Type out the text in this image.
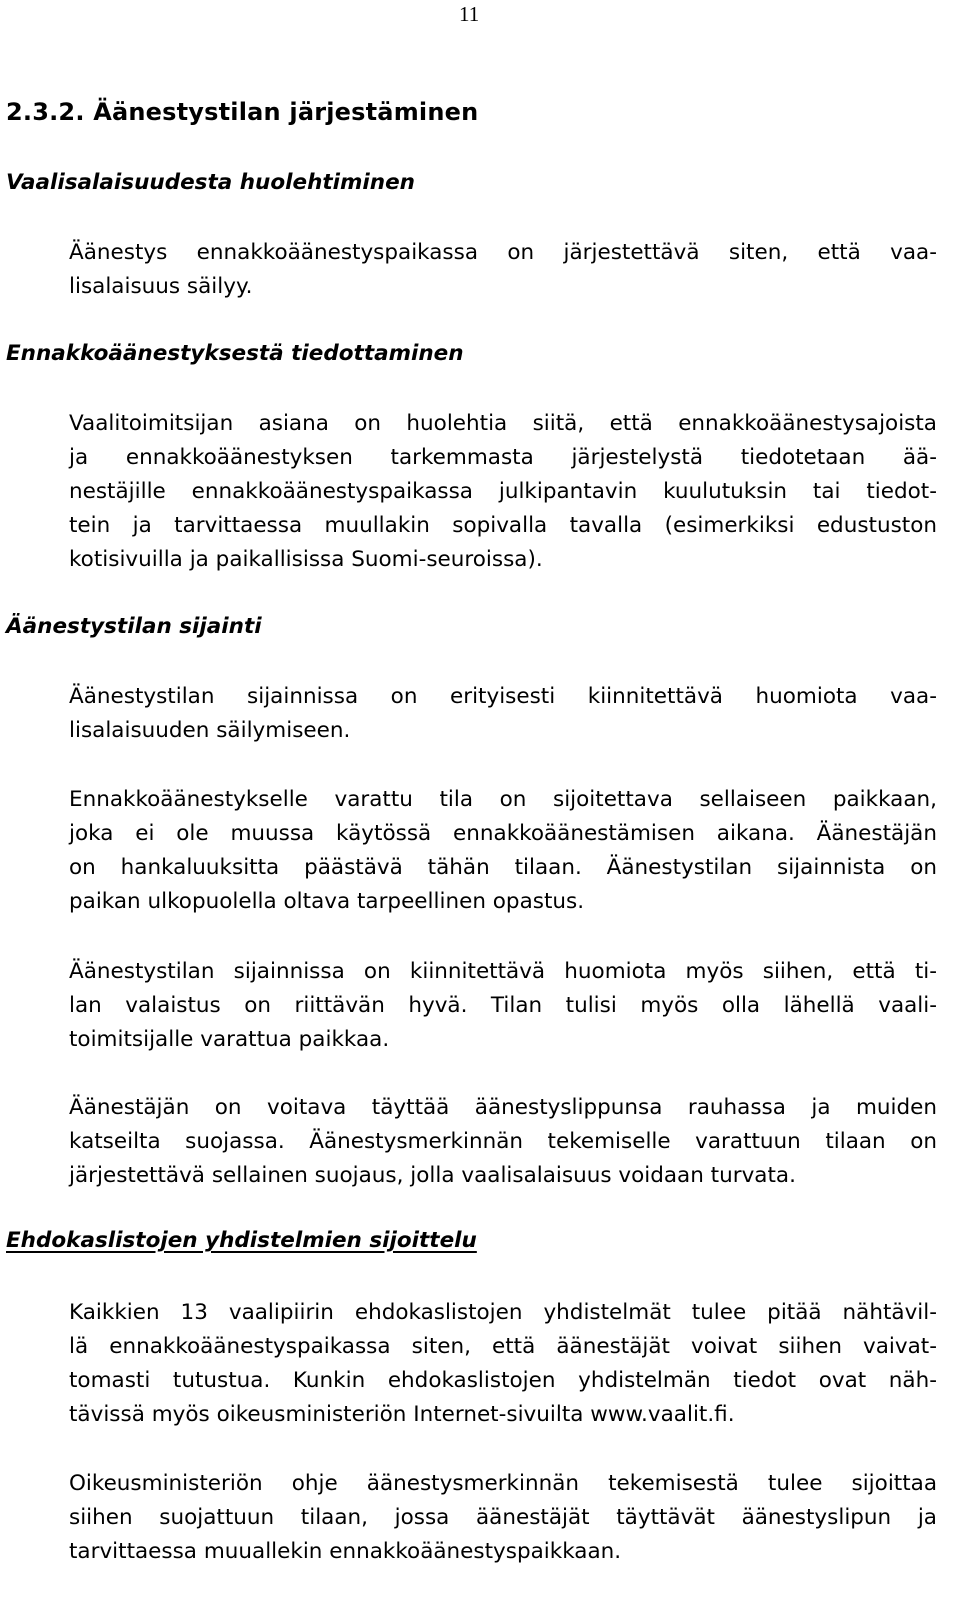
11
2.3.2. Äänestystilan järjestäminen
Vaalisalaisuudesta huolehtiminen

Äänestys ennakkoäänestyspaikassa on järjestettävä siten, että vaa-
lisalaisuus säilyy.

Ennakkoäänestyksestä tiedottaminen

Vaalitoimitsijan asiana on huolehtia siitä, että ennakkoäänestysajoista
ja ennakkoäänestyksen tarkemmasta järjestelystä tiedotetaan ää-
nestäjille ennakkoäänestyspaikassa julkipantavin kuulutuksin tai tiedot-
tein ja tarvittaessa muullakin sopivalla tavalla (esimerkiksi edustuston
kotisivuilla ja paikallisissa Suomi-seuroissa).

Äänestystilan sijainti

Äänestystilan sijainnissa on erityisesti kiinnitettävä huomiota vaa-
lisalaisuuden säilymiseen.

Ennakkoäänestykselle varattu tila on sijoitettava sellaiseen paikkaan,
joka ei ole muussa käytössä ennakkoäänestämisen aikana. Äänestäjän
on hankaluuksitta päästävä tähän tilaan. Äänestystilan sijainnista on
paikan ulkopuolella oltava tarpeellinen opastus.

Äänestystilan sijainnissa on kiinnitettävä huomiota myös siihen, että ti-
lan valaistus on riittävän hyvä. Tilan tulisi myös olla lähellä vaali-
toimitsijalle varattua paikkaa.

Äänestäjän on voitava täyttää äänestyslippunsa rauhassa ja muiden
katseilta suojassa. Äänestysmerkinnän tekemiselle varattuun tilaan on
järjestettävä sellainen suojaus, jolla vaalisalaisuus voidaan turvata.

Ehdokaslistojen yhdistelmien sijoittelu

Kaikkien 13 vaalipiirin ehdokaslistojen yhdistelmät tulee pitää nähtävil-
lä ennakkoäänestyspaikassa siten, että äänestäjät voivat siihen vaivat-
tomasti tutustua. Kunkin ehdokaslistojen yhdistelmän tiedot ovat näh-
tävissä myös oikeusministeriön Internet-sivuilta www.vaalit.fi.

Oikeusministeriön ohje äänestysmerkinnän tekemisestä tulee sijoittaa
siihen suojattuun tilaan, jossa äänestäjät täyttävät äänestyslipun ja
tarvittaessa muuallekin ennakkoäänestyspaikkaan.
